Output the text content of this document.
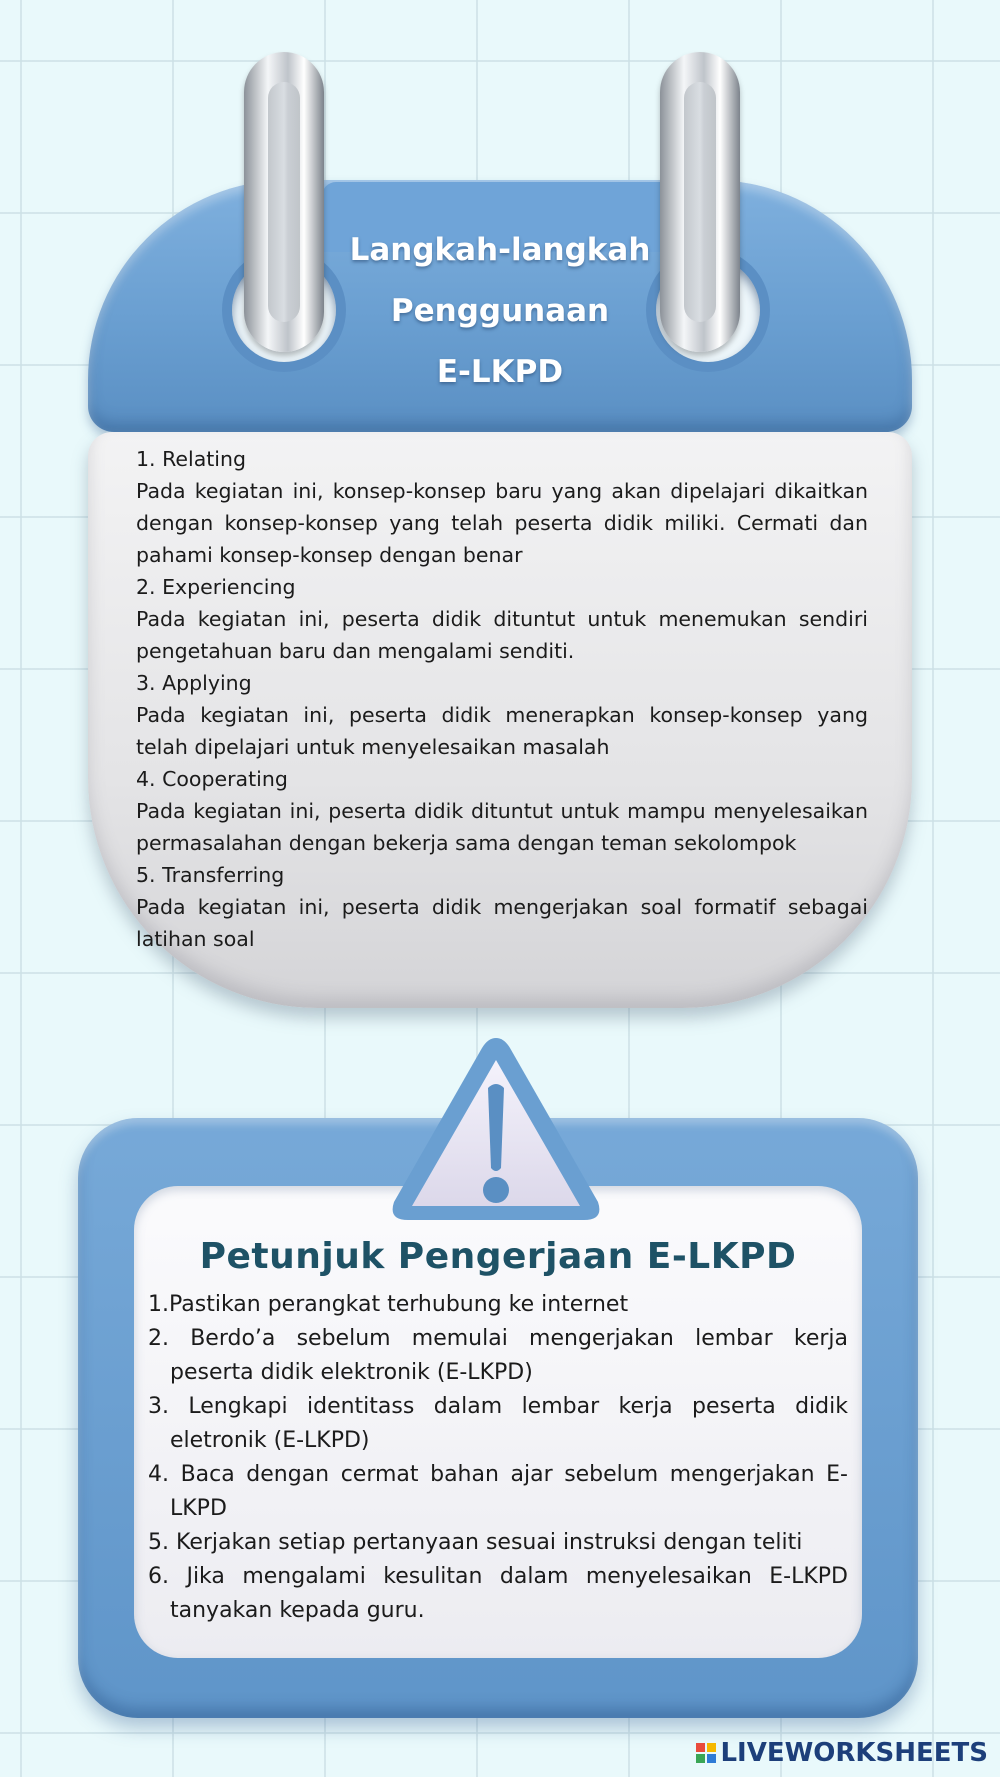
Langkah-langkah
Penggunaan
E-LKPD

1. Relating

Pada kegiatan ini, konsep-konsep baru yang akan dipelajari dikaitkan dengan konsep-konsep yang telah peserta didik miliki. Cermati dan pahami konsep-konsep dengan benar

2. Experiencing

Pada kegiatan ini, peserta didik dituntut untuk menemukan sendiri pengetahuan baru dan mengalami senditi.

3. Applying

Pada kegiatan ini, peserta didik menerapkan konsep-konsep yang telah dipelajari untuk menyelesaikan masalah

4. Cooperating

Pada kegiatan ini, peserta didik dituntut untuk mampu menyelesaikan permasalahan dengan bekerja sama dengan teman sekolompok

5. Transferring

Pada kegiatan ini, peserta didik mengerjakan soal formatif sebagai latihan soal

Petunjuk Pengerjaan E-LKPD
1.Pastikan perangkat terhubung ke internet
2. Berdo’a sebelum memulai mengerjakan lembar kerja peserta didik elektronik (E-LKPD)
3. Lengkapi identitass dalam lembar kerja peserta didik eletronik (E-LKPD)
4. Baca dengan cermat bahan ajar sebelum mengerjakan E-LKPD
5. Kerjakan setiap pertanyaan sesuai instruksi dengan teliti
6. Jika mengalami kesulitan dalam menyelesaikan E-LKPD tanyakan kepada guru.
LIVEWORKSHEETS
